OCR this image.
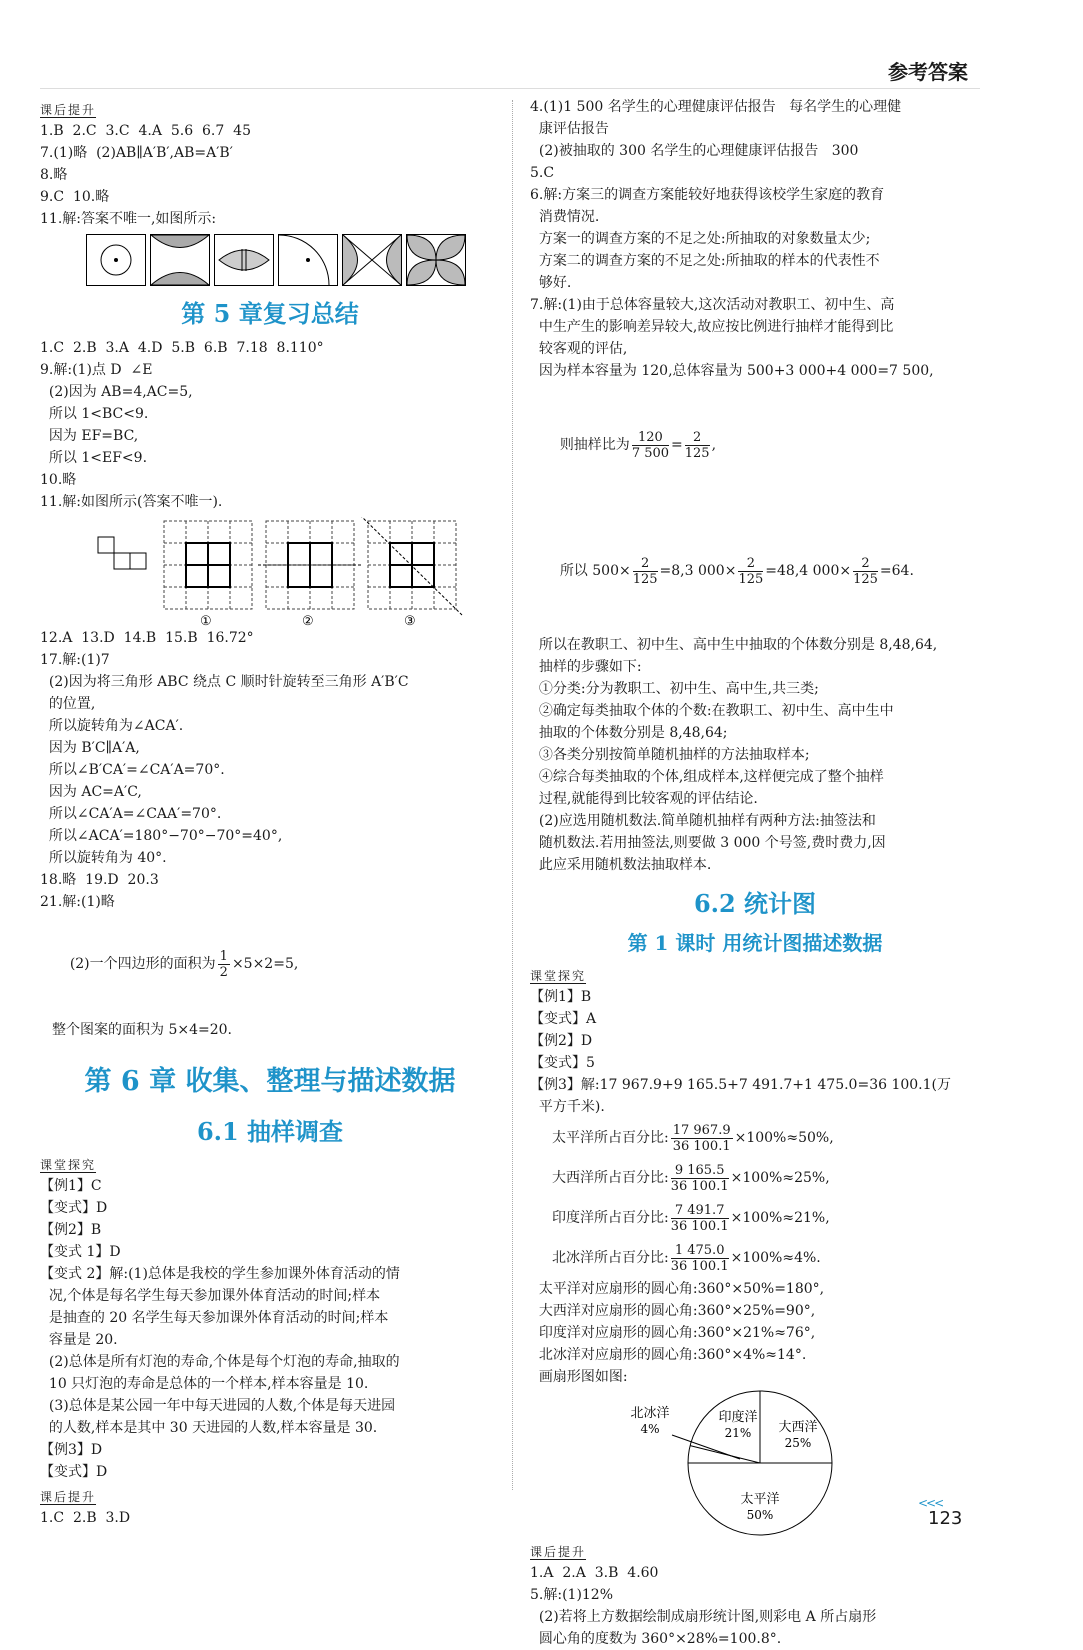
参考答案

课后提升

1.B  2.C  3.C  4.A  5.6  6.7  45

7.(1)略  (2)AB∥A′B′,AB=A′B′

8.略

9.C  10.略

11.解:答案不唯一,如图所示:

第 5 章复习总结

1.C  2.B  3.A  4.D  5.B  6.B  7.18  8.110°

9.解:(1)点 D  ∠E

(2)因为 AB=4,AC=5,

所以 1<BC<9.

因为 EF=BC,

所以 1<EF<9.

10.略

11.解:如图所示(答案不唯一).

①	②	③

12.A  13.D  14.B  15.B  16.72°

17.解:(1)7

(2)因为将三角形 ABC 绕点 C 顺时针旋转至三角形 A′B′C

的位置,

所以旋转角为∠ACA′.

因为 B′C∥A′A,

所以∠B′CA′=∠CA′A=70°.

因为 AC=A′C,

所以∠CA′A=∠CAA′=70°.

所以∠ACA′=180°−70°−70°=40°,

所以旋转角为 40°.

18.略  19.D  20.3

21.解:(1)略

(2)一个四边形的面积为 $\frac{1}{2} \times 5\times 2=5$,

整个图案的面积为 5×4=20.

第 6 章 收集、整理与描述数据
6.1 抽样调查

课堂探究

【例1】C

【变式】D

【例2】B

【变式 1】D

【变式 2】解:(1)总体是我校的学生参加课外体育活动的情

况,个体是每名学生每天参加课外体育活动的时间;样本

是抽查的 20 名学生每天参加课外体育活动的时间;样本

容量是 20.

(2)总体是所有灯泡的寿命,个体是每个灯泡的寿命,抽取的

10 只灯泡的寿命是总体的一个样本,样本容量是 10.

(3)总体是某公园一年中每天进园的人数,个体是每天进园

的人数,样本是其中 30 天进园的人数,样本容量是 30.

【例3】D

【变式】D

课后提升

1.C  2.B  3.D

4.(1)1 500 名学生的心理健康评估报告   每名学生的心理健

康评估报告

(2)被抽取的 300 名学生的心理健康评估报告   300

5.C

6.解:方案三的调查方案能较好地获得该校学生家庭的教育

消费情况.

方案一的调查方案的不足之处:所抽取的对象数量太少;

方案二的调查方案的不足之处:所抽取的样本的代表性不

够好.

7.解:(1)由于总体容量较大,这次活动对教职工、初中生、高

中生产生的影响差异较大,故应按比例进行抽样才能得到比

较客观的评估,

因为样本容量为 120,总体容量为 500+3 000+4 000=7 500,

则抽样比为 $\frac{120}{7 500} = \frac{2}{125}$ ,

所以 $500\times \frac{2}{125} =8,3$ $000\times \frac{2}{125} =48,4$ $000\times \frac{2}{125} =64$.

所以在教职工、初中生、高中生中抽取的个体数分别是 8,48,64,

抽样的步骤如下:

①分类:分为教职工、初中生、高中生,共三类;

②确定每类抽取个体的个数:在教职工、初中生、高中生中

抽取的个体数分别是 8,48,64;

③各类分别按简单随机抽样的方法抽取样本;

④综合每类抽取的个体,组成样本,这样便完成了整个抽样

过程,就能得到比较客观的评估结论.

(2)应选用随机数法.简单随机抽样有两种方法:抽签法和

随机数法.若用抽签法,则要做 3 000 个号签,费时费力,因

此应采用随机数法抽取样本.

6.2 统计图
第 1 课时 用统计图描述数据

课堂探究

【例1】B

【变式】A

【例2】D

【变式】5

【例3】解:17 967.9+9 165.5+7 491.7+1 475.0=36 100.1(万

平方千米).

太平洋所占百分比: $\frac{17 967.9}{36 100.1} \times 100\%\approx 50\%$,

大西洋所占百分比: $\frac{9 165.5}{36 100.1} \times 100\%\approx 25\%$,

印度洋所占百分比: $\frac{7 491.7}{36 100.1} \times 100\%\approx 21\%$,

北冰洋所占百分比: $\frac{1 475.0}{36 100.1} \times 100\%\approx 4\%$.

太平洋对应扇形的圆心角:360°×50%=180°,

大西洋对应扇形的圆心角:360°×25%=90°,

印度洋对应扇形的圆心角:360°×21%≈76°,

北冰洋对应扇形的圆心角:360°×4%≈14°.

画扇形图如图:

太平洋
50%
大西洋
25%
印度洋
21%
北冰洋
4%

课后提升

1.A  2.A  3.B  4.60

5.解:(1)12%

(2)若将上方数据绘制成扇形统计图,则彩电 A 所占扇形

圆心角的度数为 360°×28%=100.8°.

<<<
123
